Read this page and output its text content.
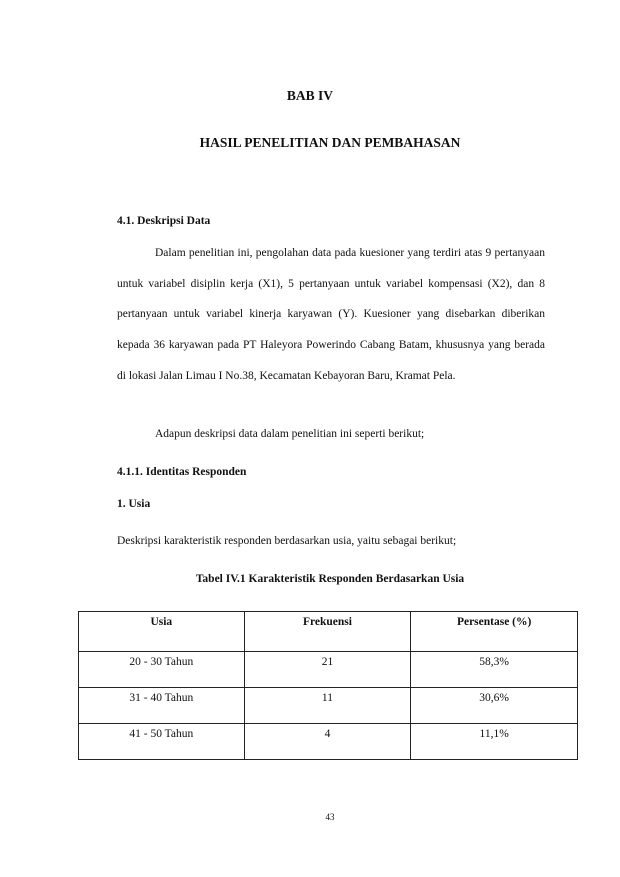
BAB IV
HASIL PENELITIAN DAN PEMBAHASAN
4.1. Deskripsi Data

Dalam penelitian ini, pengolahan data pada kuesioner yang terdiri atas 9 pertanyaan untuk variabel disiplin kerja (X1), 5 pertanyaan untuk variabel kompensasi (X2), dan 8 pertanyaan untuk variabel kinerja karyawan (Y). Kuesioner yang disebarkan diberikan kepada 36 karyawan pada PT Haleyora Powerindo Cabang Batam, khususnya yang berada di lokasi Jalan Limau I No.38, Kecamatan Kebayoran Baru, Kramat Pela.

Adapun deskripsi data dalam penelitian ini seperti berikut;

4.1.1. Identitas Responden
1. Usia
Deskripsi karakteristik responden berdasarkan usia, yaitu sebagai berikut;
Tabel IV.1 Karakteristik Responden Berdasarkan Usia
Usia	Frekuensi	Persentase (%)
20 - 30 Tahun	21	58,3%
31 - 40 Tahun	11	30,6%
41 - 50 Tahun	4	11,1%
43
